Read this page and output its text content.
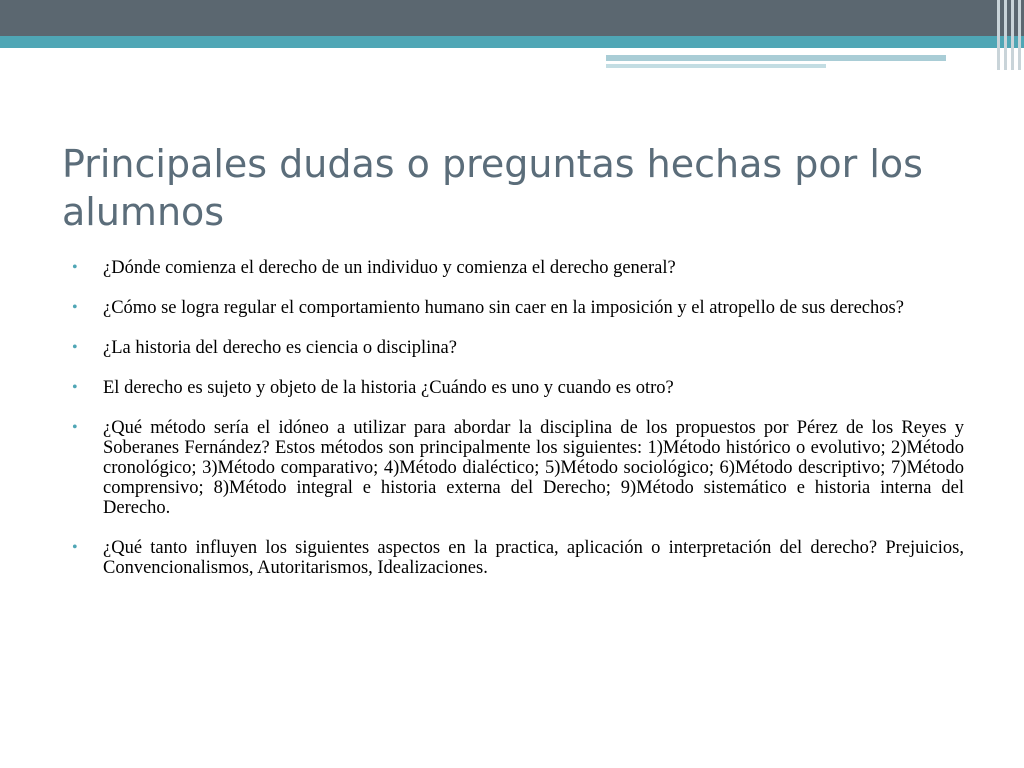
Principales dudas o preguntas hechas por los alumnos
• ¿Dónde comienza el derecho de un individuo y comienza el derecho general?
• ¿Cómo se logra regular el comportamiento humano sin caer en la imposición y el atropello de sus derechos?
• ¿La historia del derecho es ciencia o disciplina?
• El derecho es sujeto y objeto de la historia ¿Cuándo es uno y cuando es otro?
• ¿Qué método sería el idóneo a utilizar para abordar la disciplina de los propuestos por Pérez de los Reyes y Soberanes Fernández? Estos métodos son principalmente los siguientes: 1)Método histórico o evolutivo; 2)Método cronológico; 3)Método comparativo; 4)Método dialéctico; 5)Método sociológico; 6)Método descriptivo; 7)Método comprensivo; 8)Método integral e historia externa del Derecho; 9)Método sistemático e historia interna del Derecho.
• ¿Qué tanto influyen los siguientes aspectos en la practica, aplicación o interpretación del derecho? Prejuicios, Convencionalismos, Autoritarismos, Idealizaciones.
